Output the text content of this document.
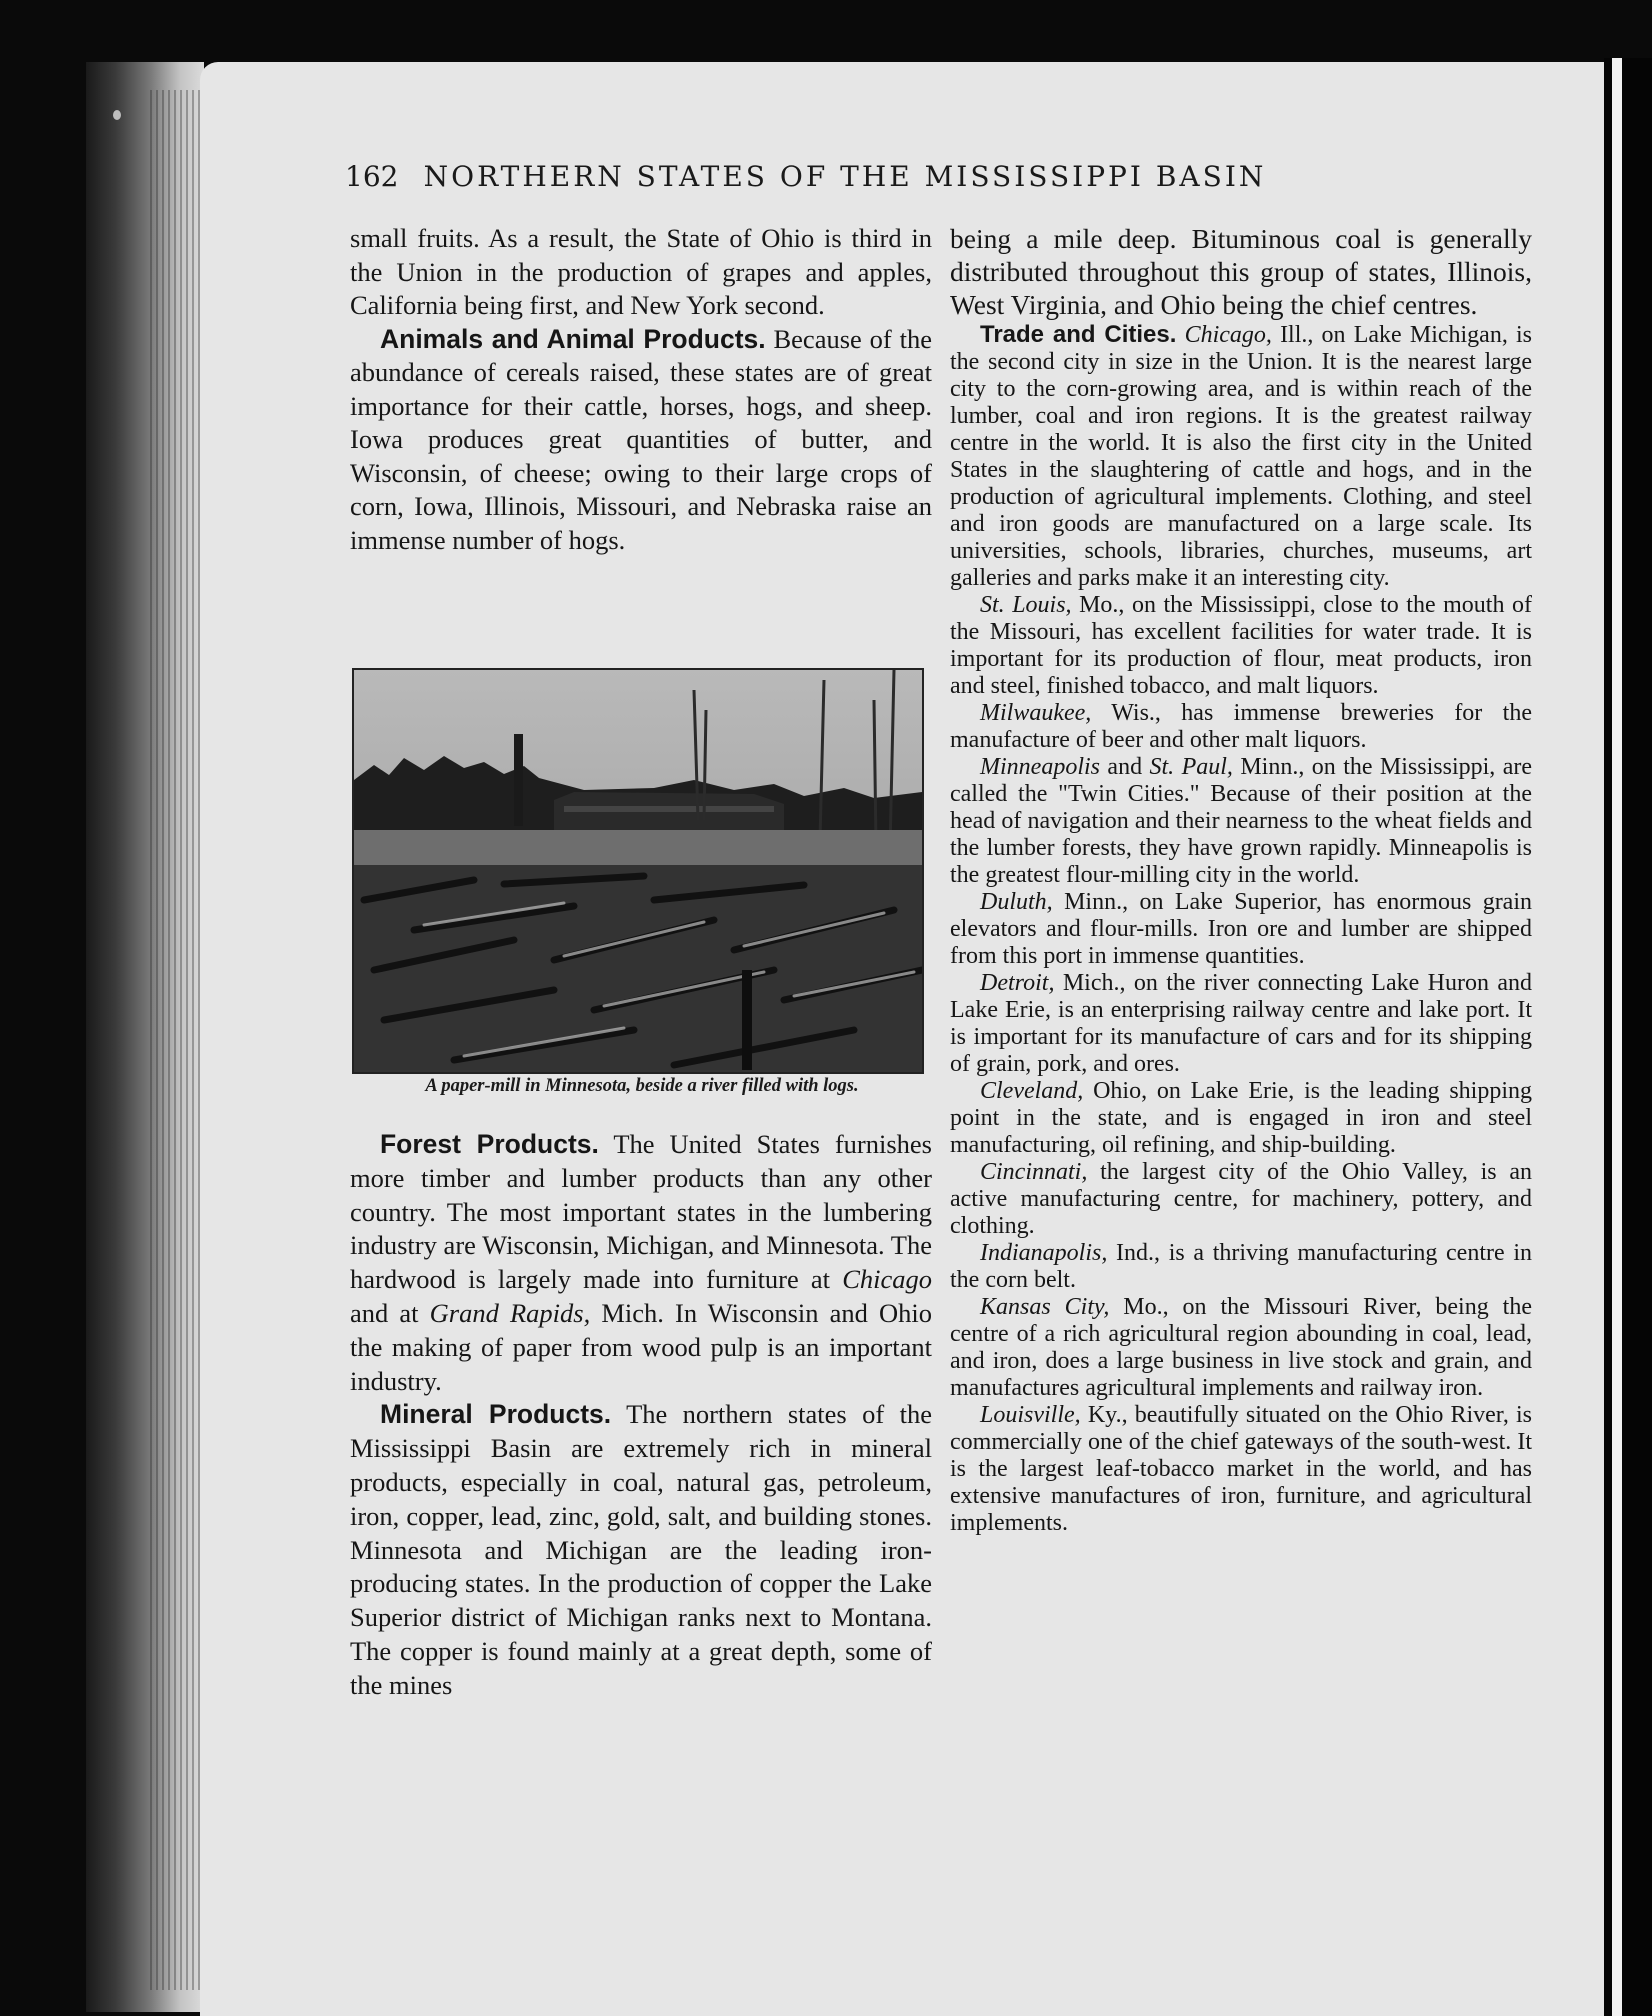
162 NORTHERN STATES OF THE MISSISSIPPI BASIN

small fruits. As a result, the State of Ohio is third in the Union in the production of grapes and apples, California being first, and New York second.

Animals and Animal Products. Because of the abundance of cereals raised, these states are of great importance for their cattle, horses, hogs, and sheep. Iowa produces great quantities of butter, and Wisconsin, of cheese; owing to their large crops of corn, Iowa, Illinois, Missouri, and Nebraska raise an immense number of hogs.

A paper-mill in Minnesota, beside a river filled with logs.

Forest Products. The United States furnishes more timber and lumber products than any other country. The most important states in the lumbering industry are Wisconsin, Michigan, and Minnesota. The hardwood is largely made into furniture at Chicago and at Grand Rapids, Mich. In Wisconsin and Ohio the making of paper from wood pulp is an important industry.

Mineral Products. The northern states of the Mississippi Basin are extremely rich in mineral products, especially in coal, natural gas, petroleum, iron, copper, lead, zinc, gold, salt, and building stones. Minnesota and Michigan are the leading iron-producing states. In the production of copper the Lake Superior district of Michigan ranks next to Montana. The copper is found mainly at a great depth, some of the mines

being a mile deep. Bituminous coal is generally distributed throughout this group of states, Illinois, West Virginia, and Ohio being the chief centres.

Trade and Cities. Chicago, Ill., on Lake Michigan, is the second city in size in the Union. It is the nearest large city to the corn-growing area, and is within reach of the lumber, coal and iron regions. It is the greatest railway centre in the world. It is also the first city in the United States in the slaughtering of cattle and hogs, and in the production of agricultural implements. Clothing, and steel and iron goods are manufactured on a large scale. Its universities, schools, libraries, churches, museums, art galleries and parks make it an interesting city.

St. Louis, Mo., on the Mississippi, close to the mouth of the Missouri, has excellent facilities for water trade. It is important for its production of flour, meat products, iron and steel, finished tobacco, and malt liquors.

Milwaukee, Wis., has immense breweries for the manufacture of beer and other malt liquors.

Minneapolis and St. Paul, Minn., on the Mississippi, are called the "Twin Cities." Because of their position at the head of navigation and their nearness to the wheat fields and the lumber forests, they have grown rapidly. Minneapolis is the greatest flour-milling city in the world.

Duluth, Minn., on Lake Superior, has enormous grain elevators and flour-mills. Iron ore and lumber are shipped from this port in immense quantities.

Detroit, Mich., on the river connecting Lake Huron and Lake Erie, is an enterprising railway centre and lake port. It is important for its manufacture of cars and for its shipping of grain, pork, and ores.

Cleveland, Ohio, on Lake Erie, is the leading shipping point in the state, and is engaged in iron and steel manufacturing, oil refining, and ship-building.

Cincinnati, the largest city of the Ohio Valley, is an active manufacturing centre, for machinery, pottery, and clothing.

Indianapolis, Ind., is a thriving manufacturing centre in the corn belt.

Kansas City, Mo., on the Missouri River, being the centre of a rich agricultural region abounding in coal, lead, and iron, does a large business in live stock and grain, and manufactures agricultural implements and railway iron.

Louisville, Ky., beautifully situated on the Ohio River, is commercially one of the chief gateways of the south-west. It is the largest leaf-tobacco market in the world, and has extensive manufactures of iron, furniture, and agricultural implements.
